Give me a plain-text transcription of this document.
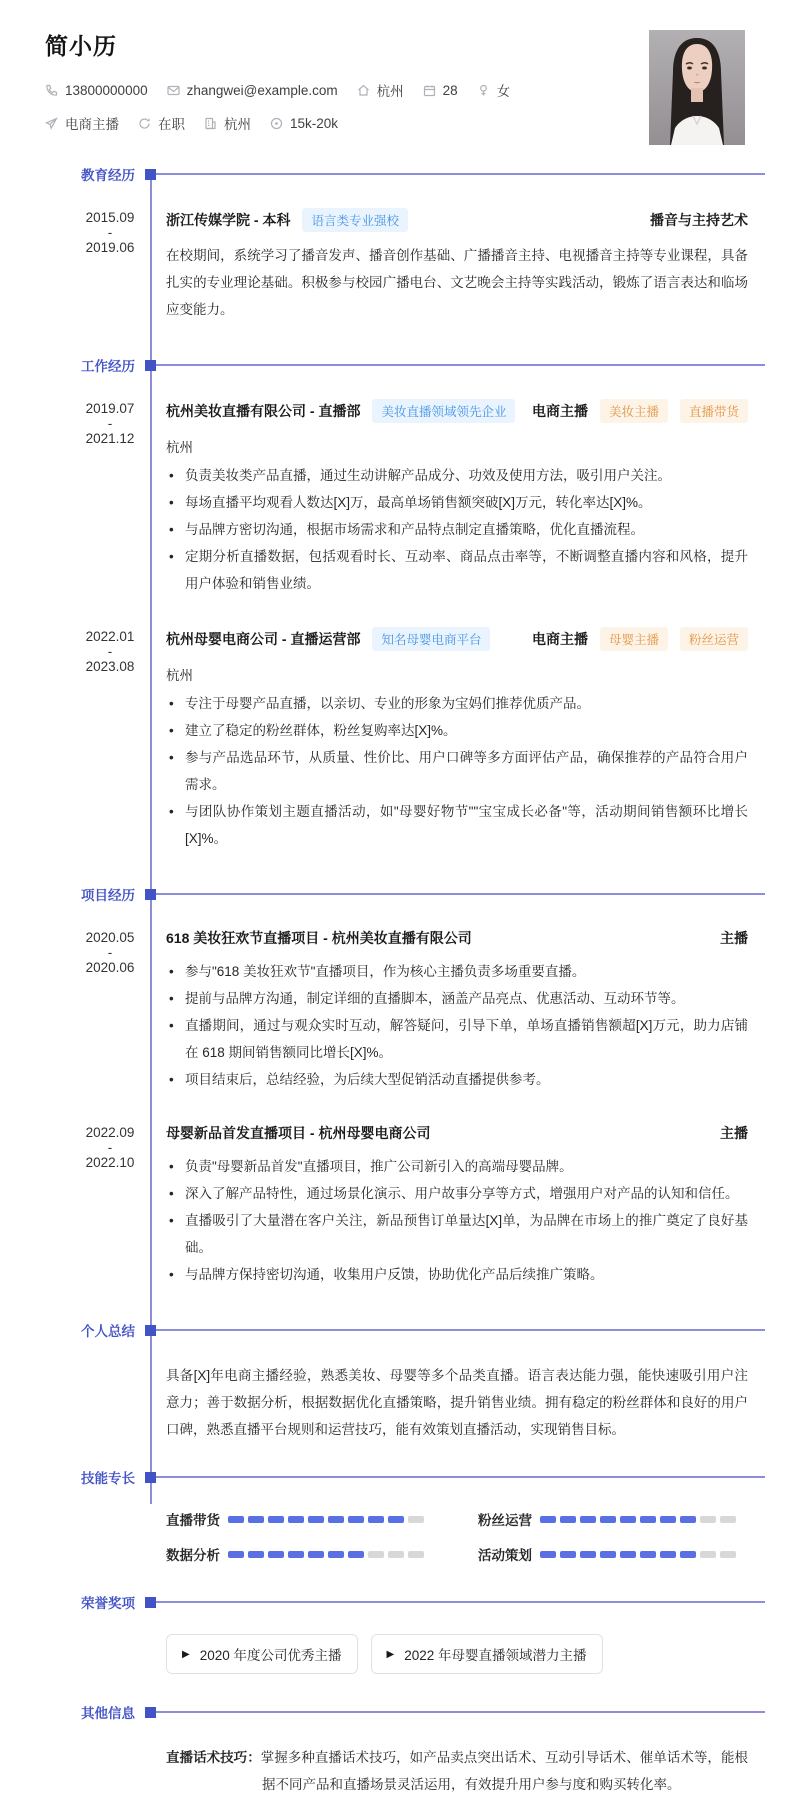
简小历
13800000000	zhangwei@example.com	杭州	28	女
电商主播	在职	杭州	15k-20k
教育经历
2015.09
-
2019.06
浙江传媒学院 - 本科	语言类专业强校	播音与主持艺术
在校期间，系统学习了播音发声、播音创作基础、广播播音主持、电视播音主持等专业课程，具备扎实的专业理论基础。积极参与校园广播电台、文艺晚会主持等实践活动，锻炼了语言表达和临场应变能力。
工作经历
2019.07
-
2021.12
杭州美妆直播有限公司 - 直播部	美妆直播领域领先企业	电商主播	美妆主播	直播带货
杭州
• 负责美妆类产品直播，通过生动讲解产品成分、功效及使用方法，吸引用户关注。
• 每场直播平均观看人数达[X]万，最高单场销售额突破[X]万元，转化率达[X]%。
• 与品牌方密切沟通，根据市场需求和产品特点制定直播策略，优化直播流程。
• 定期分析直播数据，包括观看时长、互动率、商品点击率等，不断调整直播内容和风格，提升用户体验和销售业绩。
2022.01
-
2023.08
杭州母婴电商公司 - 直播运营部	知名母婴电商平台	电商主播	母婴主播	粉丝运营
杭州
• 专注于母婴产品直播，以亲切、专业的形象为宝妈们推荐优质产品。
• 建立了稳定的粉丝群体，粉丝复购率达[X]%。
• 参与产品选品环节，从质量、性价比、用户口碑等多方面评估产品，确保推荐的产品符合用户需求。
• 与团队协作策划主题直播活动，如"母婴好物节""宝宝成长必备"等，活动期间销售额环比增长[X]%。
项目经历
2020.05
-
2020.06
618 美妆狂欢节直播项目 - 杭州美妆直播有限公司	主播
• 参与"618 美妆狂欢节"直播项目，作为核心主播负责多场重要直播。
• 提前与品牌方沟通，制定详细的直播脚本，涵盖产品亮点、优惠活动、互动环节等。
• 直播期间，通过与观众实时互动，解答疑问，引导下单，单场直播销售额超[X]万元，助力店铺在 618 期间销售额同比增长[X]%。
• 项目结束后，总结经验，为后续大型促销活动直播提供参考。
2022.09
-
2022.10
母婴新品首发直播项目 - 杭州母婴电商公司	主播
• 负责"母婴新品首发"直播项目，推广公司新引入的高端母婴品牌。
• 深入了解产品特性，通过场景化演示、用户故事分享等方式，增强用户对产品的认知和信任。
• 直播吸引了大量潜在客户关注，新品预售订单量达[X]单，为品牌在市场上的推广奠定了良好基础。
• 与品牌方保持密切沟通，收集用户反馈，协助优化产品后续推广策略。
个人总结
具备[X]年电商主播经验，熟悉美妆、母婴等多个品类直播。语言表达能力强，能快速吸引用户注意力；善于数据分析，根据数据优化直播策略，提升销售业绩。拥有稳定的粉丝群体和良好的用户口碑，熟悉直播平台规则和运营技巧，能有效策划直播活动，实现销售目标。
技能专长
直播带货	粉丝运营
数据分析	活动策划
荣誉奖项
▶ 2020 年度公司优秀主播	▶ 2022 年母婴直播领域潜力主播
其他信息
直播话术技巧：掌握多种直播话术技巧，如产品卖点突出话术、互动引导话术、催单话术等，能根据不同产品和直播场景灵活运用，有效提升用户参与度和购买转化率。
